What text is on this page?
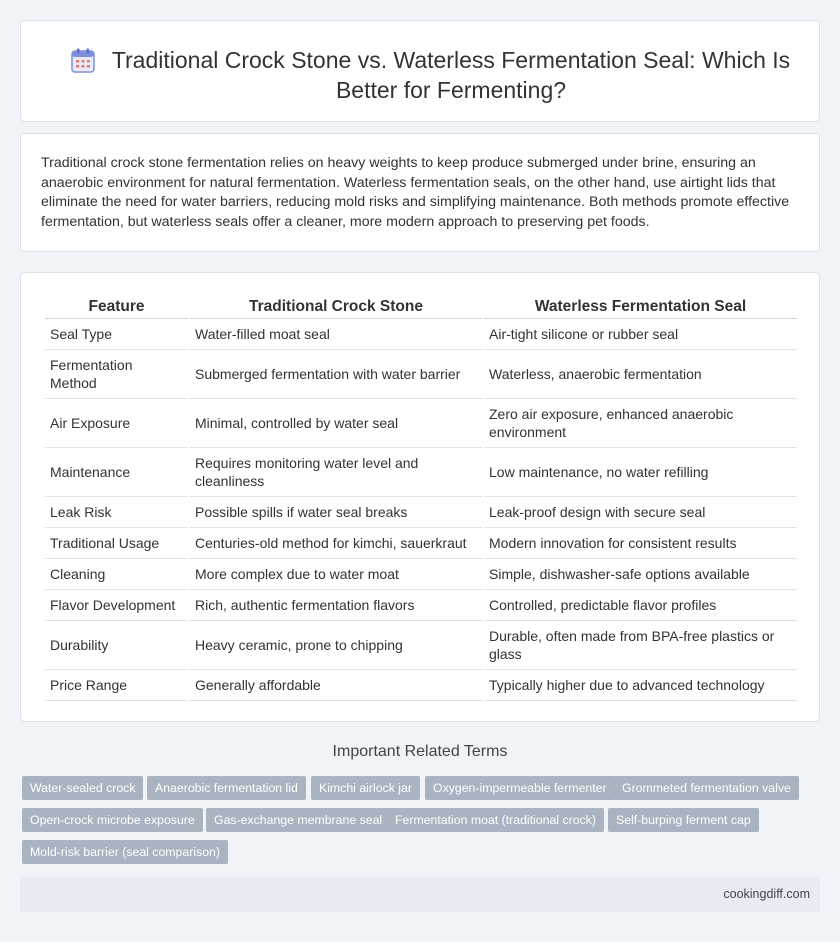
Traditional Crock Stone vs. Waterless Fermentation Seal: Which Is Better for Fermenting?

Traditional crock stone fermentation relies on heavy weights to keep produce submerged under brine, ensuring an anaerobic environment for natural fermentation. Waterless fermentation seals, on the other hand, use airtight lids that eliminate the need for water barriers, reducing mold risks and simplifying maintenance. Both methods promote effective fermentation, but waterless seals offer a cleaner, more modern approach to preserving pet foods.

Feature	Traditional Crock Stone	Waterless Fermentation Seal
Seal Type	Water-filled moat seal	Air-tight silicone or rubber seal
Fermentation Method	Submerged fermentation with water barrier	Waterless, anaerobic fermentation
Air Exposure	Minimal, controlled by water seal	Zero air exposure, enhanced anaerobic environment
Maintenance	Requires monitoring water level and cleanliness	Low maintenance, no water refilling
Leak Risk	Possible spills if water seal breaks	Leak-proof design with secure seal
Traditional Usage	Centuries-old method for kimchi, sauerkraut	Modern innovation for consistent results
Cleaning	More complex due to water moat	Simple, dishwasher-safe options available
Flavor Development	Rich, authentic fermentation flavors	Controlled, predictable flavor profiles
Durability	Heavy ceramic, prone to chipping	Durable, often made from BPA-free plastics or glass
Price Range	Generally affordable	Typically higher due to advanced technology
Important Related Terms
Water-sealed crock	Anaerobic fermentation lid	Kimchi airlock jar	Oxygen-impermeable fermenter	Grommeted fermentation valve
Open-crock microbe exposure	Gas-exchange membrane seal	Fermentation moat (traditional crock)	Self-burping ferment cap
Mold-risk barrier (seal comparison)
cookingdiff.com
